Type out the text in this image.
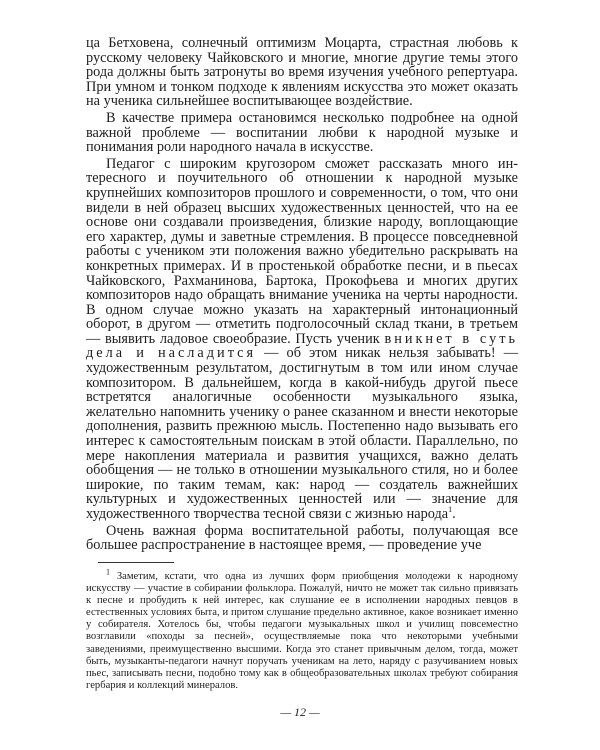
ца Бетховена, солнечный оптимизм Моцарта, страстная любовь к русскому человеку Чайковского и многие, многие другие темы этого рода должны быть затронуты во время изучения учебного репертуара. При умном и тонком подходе к явлениям искусства это может оказать на ученика сильнейшее воспитывающее воздействие.

В качестве примера остановимся несколько подробнее на одной важной проблеме — воспитании любви к народной музыке и понимания роли народного начала в искусстве.

Педагог с широким кругозором сможет рассказать много интересного и поучительного об отношении к народной музыке крупнейших композиторов прошлого и современности, о том, что они видели в ней образец высших художественных ценностей, что на ее основе они создавали произведения, близкие народу, воплощающие его характер, думы и заветные стремления. В процессе повседневной работы с учеником эти положения важно убедительно раскрывать на конкретных примерах. И в простенькой обработке песни, и в пьесах Чайковского, Рахманинова, Бартока, Прокофьева и многих других композиторов надо обращать внимание ученика на черты народности. В одном случае можно указать на характерный интонационный оборот, в другом — отметить подголосочный склад ткани, в третьем — выявить ладовое своеобразие. Пусть ученик вникнет в суть дела и насладится — об этом никак нельзя забывать! — художественным результатом, достигнутым в том или ином случае композитором. В дальнейшем, когда в какой-нибудь другой пьесе встретятся аналогичные особенности музыкального языка, желательно напомнить ученику о ранее сказанном и внести некоторые дополнения, развить прежнюю мысль. Постепенно надо вызывать его интерес к самостоятельным поискам в этой области. Параллельно, по мере накопления материала и развития учащихся, важно делать обобщения — не только в отношении музыкального стиля, но и более широкие, по таким темам, как: народ — создатель важнейших культурных и художественных ценностей или — значение для художественного творчества тесной связи с жизнью народа$^1$.

Очень важная форма воспитательной работы, получающая все большее распространение в настоящее время, — проведение уче

$^1$ Заметим, кстати, что одна из лучших форм приобщения молодежи к народному искусству — участие в собирании фольклора. Пожалуй, ничто не может так сильно привязать к песне и пробудить к ней интерес, как слушание ее в исполнении народных певцов в естественных условиях быта, и притом слушание предельно активное, какое возникает именно у собирателя. Хотелось бы, чтобы педагоги музыкальных школ и училищ повсеместно возглавили «походы за песней», осуществляемые пока что некоторыми учебными заведениями, преимущественно высшими. Когда это станет привычным делом, тогда, может быть, музыканты-педагоги начнут поручать ученикам на лето, наряду с разучиванием новых пьес, записывать песни, подобно тому как в общеобразовательных школах требуют собирания гербария и коллекций минералов.

— 12 —
